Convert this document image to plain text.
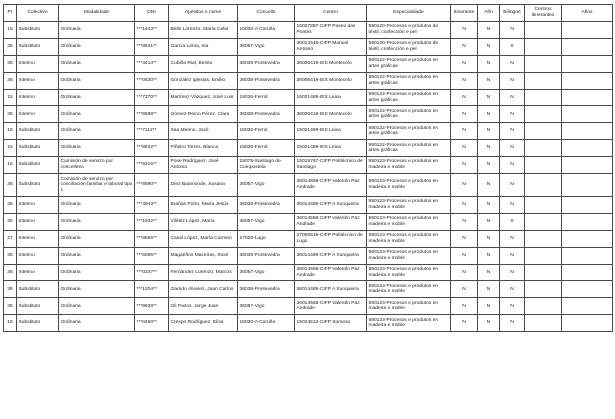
Pr	Colectivo	Modalidade	DNI	Apelidos e nome	Concello	Centro	Especialidade	Itinerante	Afín	Bilingüe	Centros itinerantes	Afins
15	Substituto	Ordinaria	***1443**	Bello Lorenzo, María Celia	15030-A Coruña	15027897-CIFP Paseo das Pontes	590120-Procesos e produtos de téxtil, confección e pel	N	N	N		
36	Substituto	Ordinaria	***8831**	García Lema, Iria	36057-Vigo	36013448-CIFP Manuel Antonio	590120-Procesos e produtos de téxtil, confección e pel	N	N	S		
36	Interino	Ordinaria	***4414**	Cubiña Rial, Benito	36038-Pontevedra	36006419-IES Montecelo	590122-Procesos e produtos en artes gráficas	N	N	N		
36	Interino	Ordinaria	***0630**	González Iglesias, Emilio	36038-Pontevedra	36006419-IES Montecelo	590122-Procesos e produtos en artes gráficas	N	N	N		
15	Interino	Ordinaria	***7370**	Martínez Vázquez, José Luis	15036-Ferrol	15021469-IES Leixa	590122-Procesos e produtos en artes gráficas	N	N	N		
36	Interino	Ordinaria	***9698**	Gómez-Reino Pérez, Clara	36038-Pontevedra	36006419-IES Montecelo	590122-Procesos e produtos en artes gráficas	N	N	N		
15	Substituto	Ordinaria	***7112**	Saa Merino, José	15036-Ferrol	15021469-IES Leixa	590122-Procesos e produtos en artes gráficas	N	N	N		
15	Substituto	Ordinaria	***8832**	Piñeiro Torres, Blanca	15036-Ferrol	15021469-IES Leixa	590122-Procesos e produtos en artes gráficas	N	N	N		
15	Substituto	Comisión de servizo por concelleiro	***9316**	Pose Rodríguez, José Antonio	15078-Santiago de Compostela	15015767-CIFP Politécnico de Santiago	590123-Procesos e produtos en madeira e moble	N	N	N		
36	Substituto	Comisión de servizo por conciliación familiar e laboral tipo 1	***8590**	Díez Baamonde, Susana	36057-Vigo	36014568-CIFP Valentín Paz Andrade	590123-Procesos e produtos en madeira e moble	N	N	N		
36	Interino	Ordinaria	***4943**	Brañas Porto, María Jesús	36038-Pontevedra	36014489-CIFP A Xunqueira	590123-Procesos e produtos en madeira e moble	N	N	N		
36	Interino	Ordinaria	***1932**	Vilélez López, Mario	36057-Vigo	36014568-CIFP Valentín Paz Andrade	590123-Procesos e produtos en madeira e moble	N	N	S		
27	Interino	Ordinaria	***8566**	Casal López, María Carmen	27028-Lugo	27006516-CIFP Politécnico de Lugo	590123-Procesos e produtos en madeira e moble	N	N	N		
36	Interino	Ordinaria	***6096**	Magariños Maceiras, Xosé	36038-Pontevedra	36014489-CIFP A Xunqueira	590123-Procesos e produtos en madeira e moble	N	N	N		
36	Interino	Ordinaria	***0347**	Fernández Lorenzo, Marcos	36057-Vigo	36014568-CIFP Valentín Paz Andrade	590123-Procesos e produtos en madeira e moble	N	N	N		
36	Substituto	Ordinaria	***1204**	Garrido Álvarez, Juan Carlos	36038-Pontevedra	36014489-CIFP A Xunqueira	590123-Procesos e produtos en madeira e moble	N	N	N		
36	Substituto	Ordinaria	***9928**	Gil Pazos, Jorge Juan	36057-Vigo	36014568-CIFP Valentín Paz Andrade	590123-Procesos e produtos en madeira e moble	N	N	N		
15	Substituto	Ordinaria	***0460**	Crespo Rodríguez, Elisa	15030-A Coruña	15024513-CIFP Someso	590123-Procesos e produtos en madeira e moble	N	N	N		
